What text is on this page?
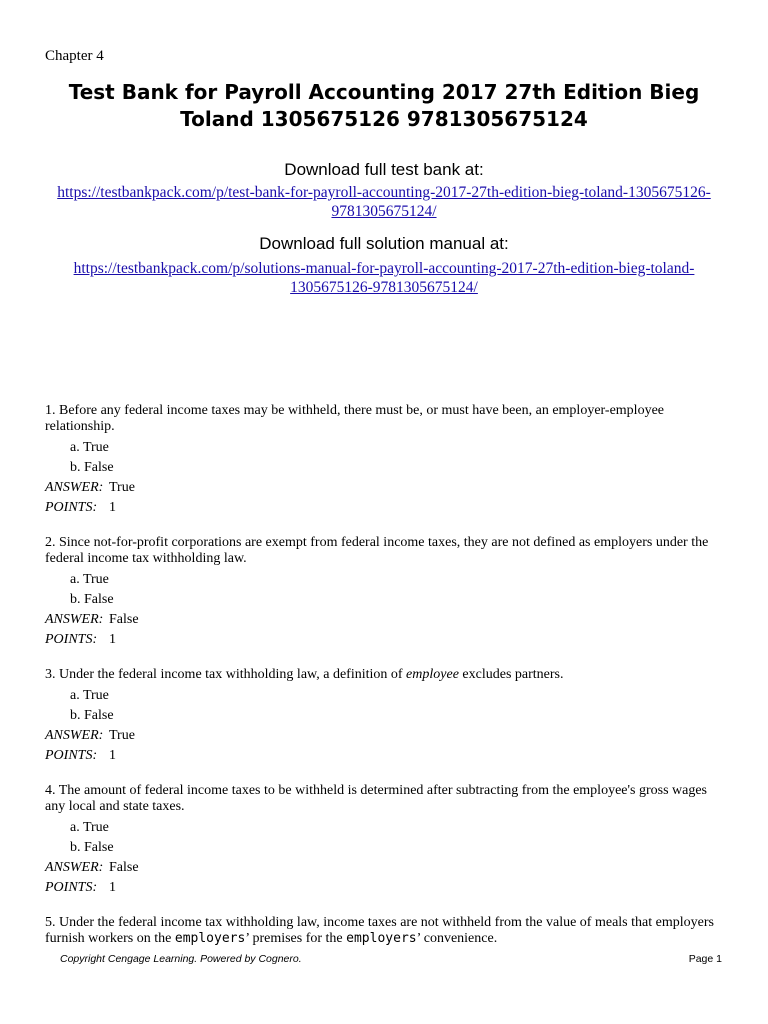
Chapter 4
Test Bank for Payroll Accounting 2017 27th Edition Bieg Toland 1305675126 9781305675124
Download full test bank at:
https://testbankpack.com/p/test-bank-for-payroll-accounting-2017-27th-edition-bieg-toland-1305675126-9781305675124/
Download full solution manual at:
https://testbankpack.com/p/solutions-manual-for-payroll-accounting-2017-27th-edition-bieg-toland-1305675126-9781305675124/
1. Before any federal income taxes may be withheld, there must be, or must have been, an employer-employee relationship.
a. True
b. False
ANSWER: True
POINTS: 1
2. Since not-for-profit corporations are exempt from federal income taxes, they are not defined as employers under the federal income tax withholding law.
a. True
b. False
ANSWER: False
POINTS: 1
3. Under the federal income tax withholding law, a definition of employee excludes partners.
a. True
b. False
ANSWER: True
POINTS: 1
4. The amount of federal income taxes to be withheld is determined after subtracting from the employee's gross wages any local and state taxes.
a. True
b. False
ANSWER: False
POINTS: 1
5. Under the federal income tax withholding law, income taxes are not withheld from the value of meals that employers furnish workers on the employers’ premises for the employers’ convenience.
Copyright Cengage Learning. Powered by Cognero.	Page 1
